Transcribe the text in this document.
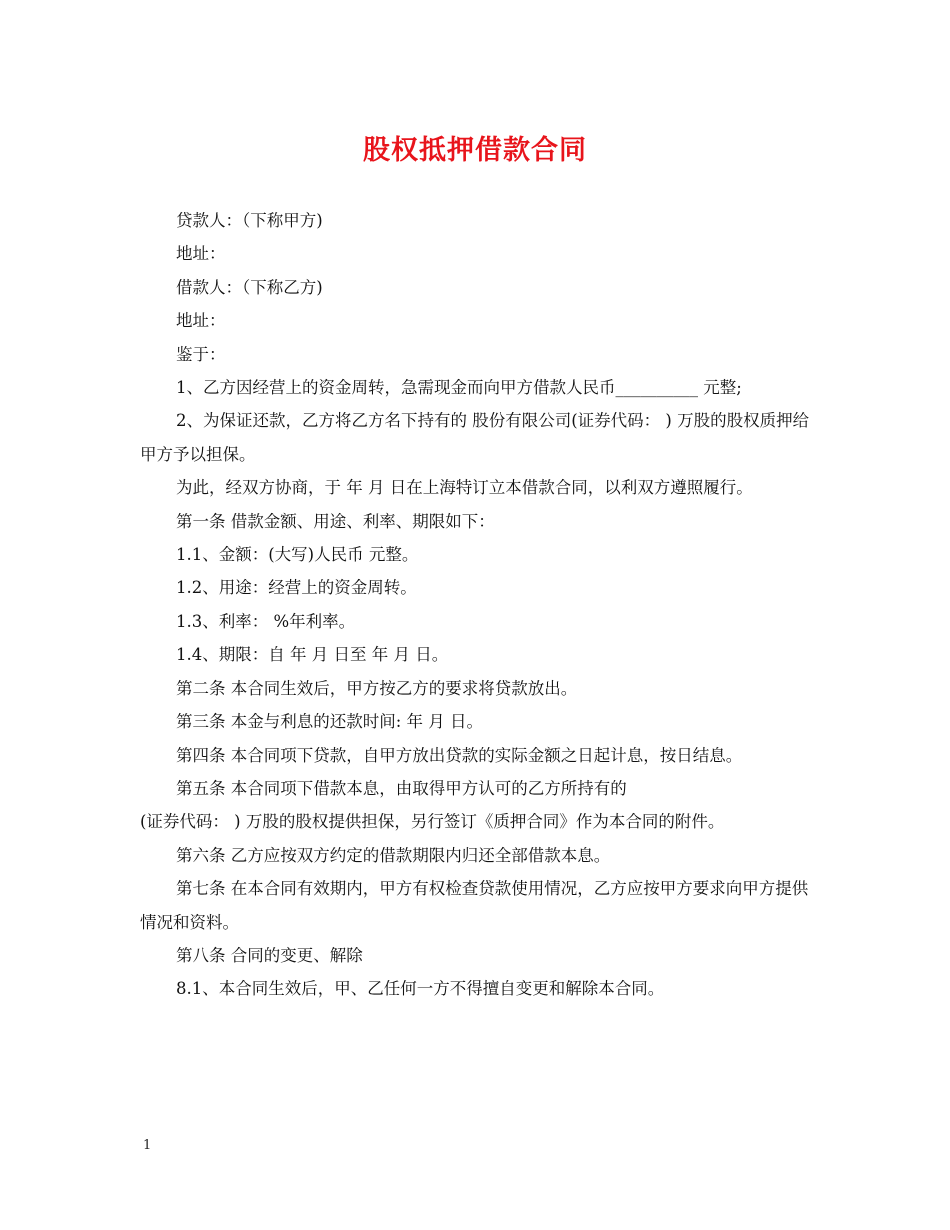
股权抵押借款合同

贷款人：（下称甲方)

地址：

借款人：（下称乙方)

地址：

鉴于：

1、乙方因经营上的资金周转，急需现金而向甲方借款人民币__________ 元整;

2、为保证还款，乙方将乙方名下持有的 股份有限公司(证券代码： ) 万股的股权质押给甲方予以担保。

为此，经双方协商，于 年 月 日在上海特订立本借款合同，以利双方遵照履行。

第一条 借款金额、用途、利率、期限如下：

1.1、金额：(大写)人民币 元整。

1.2、用途：经营上的资金周转。

1.3、利率： %年利率。

1.4、期限：自 年 月 日至 年 月 日。

第二条 本合同生效后，甲方按乙方的要求将贷款放出。

第三条 本金与利息的还款时间: 年 月 日。

第四条 本合同项下贷款，自甲方放出贷款的实际金额之日起计息，按日结息。

第五条 本合同项下借款本息，由取得甲方认可的乙方所持有的

(证券代码： ) 万股的股权提供担保，另行签订《质押合同》作为本合同的附件。

第六条 乙方应按双方约定的借款期限内归还全部借款本息。

第七条 在本合同有效期内，甲方有权检查贷款使用情况，乙方应按甲方要求向甲方提供情况和资料。

第八条 合同的变更、解除

8.1、本合同生效后，甲、乙任何一方不得擅自变更和解除本合同。

1
